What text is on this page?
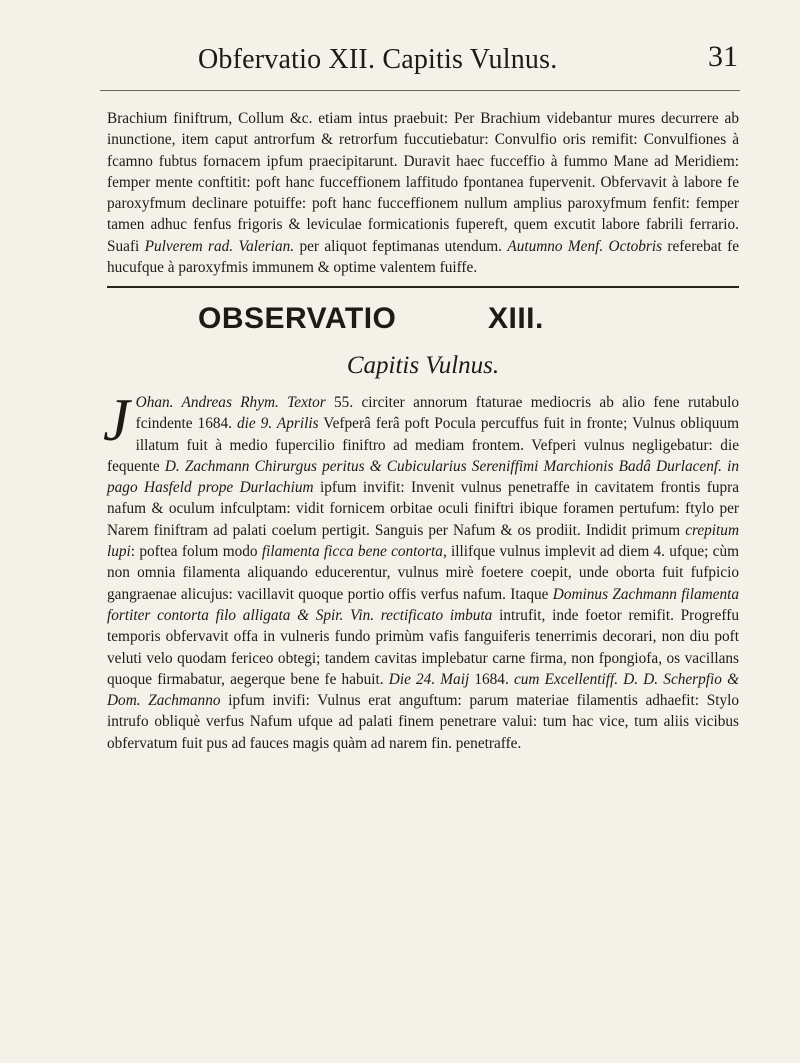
Obfervatio XII. Capitis Vulnus.	31

Brachium finiftrum, Collum &c. etiam intus praebuit: Per Brachium videbantur mures decurrere ab inunctione, item caput antrorfum & retrorfum fuccutiebatur: Convulfio oris remifit: Convulfiones à fcamno fubtus fornacem ipfum praecipitarunt. Duravit haec fucceffio à fummo Mane ad Meridiem: femper mente conftitit: poft hanc fucceffionem laffitudo fpontanea fupervenit. Obfervavit à labore fe paroxyfmum declinare potuiffe: poft hanc fucceffionem nullum amplius paroxyfmum fenfit: femper tamen adhuc fenfus frigoris & leviculae formicationis fupereft, quem excutit labore fabrili ferrario. Suafi Pulverem rad. Valerian. per aliquot feptimanas utendum. Autumno Menf. Octobris referebat fe hucufque à paroxyfmis immunem & optime valentem fuiffe.

OBSERVATIO	XIII.
Capitis Vulnus.

J Ohan. Andreas Rhym. Textor 55. circiter annorum ftaturae mediocris ab alio fene rutabulo fcindente 1684. die 9. Aprilis Vefperâ ferâ poft Pocula percuffus fuit in fronte; Vulnus obliquum illatum fuit à medio fupercilio finiftro ad mediam frontem. Vefperi vulnus negligebatur: die fequente D. Zachmann Chirurgus peritus & Cubicularius Sereniffimi Marchionis Badâ Durlacenf. in pago Hasfeld prope Durlachium ipfum invifit: Invenit vulnus penetraffe in cavitatem frontis fupra nafum & oculum infculptam: vidit fornicem orbitae oculi finiftri ibique foramen pertufum: ftylo per Narem finiftram ad palati coelum pertigit. Sanguis per Nafum & os prodiit. Indidit primum crepitum lupi: poftea folum modo filamenta ficca bene contorta, illifque vulnus implevit ad diem 4. ufque; cùm non omnia filamenta aliquando educerentur, vulnus mirè foetere coepit, unde oborta fuit fufpicio gangraenae alicujus: vacillavit quoque portio offis verfus nafum. Itaque Dominus Zachmann filamenta fortiter contorta filo alligata & Spir. Vin. rectificato imbuta intrufit, inde foetor remifit. Progreffu temporis obfervavit offa in vulneris fundo primùm vafis fanguiferis tenerrimis decorari, non diu poft veluti velo quodam fericeo obtegi; tandem cavitas implebatur carne firma, non fpongiofa, os vacillans quoque firmabatur, aegerque bene fe habuit. Die 24. Maij 1684. cum Excellentiff. D. D. Scherpfio & Dom. Zachmanno ipfum invifi: Vulnus erat anguftum: parum materiae filamentis adhaefit: Stylo intrufo obliquè verfus Nafum ufque ad palati finem penetrare valui: tum hac vice, tum aliis vicibus obfervatum fuit pus ad fauces magis quàm ad narem fin. penetraffe.
